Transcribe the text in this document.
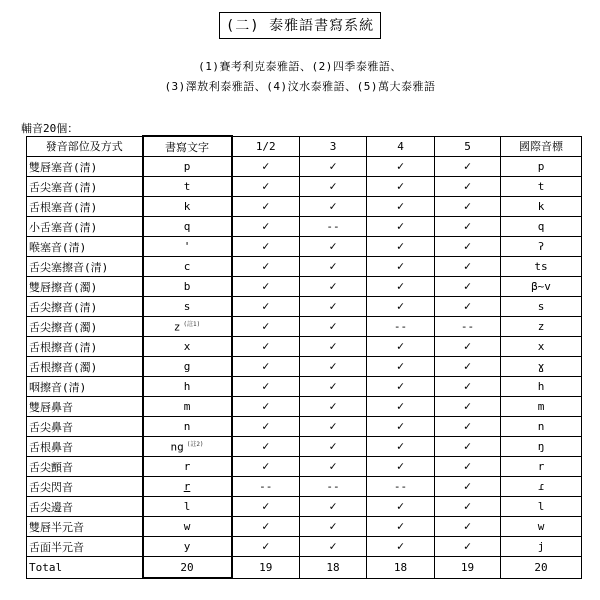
(二) 泰雅語書寫系統
(1)賽考利克泰雅語、(2)四季泰雅語、
(3)澤敖利泰雅語、(4)汶水泰雅語、(5)萬大泰雅語
輔音20個：
發音部位及方式	書寫文字	1/2	3	4	5	國際音標
雙唇塞音(清)	p	✓	✓	✓	✓	p
舌尖塞音(清)	t	✓	✓	✓	✓	t
舌根塞音(清)	k	✓	✓	✓	✓	k
小舌塞音(清)	q	✓	--	✓	✓	q
喉塞音(清)	'	✓	✓	✓	✓	ʔ
舌尖塞擦音(清)	c	✓	✓	✓	✓	ts
雙唇擦音(濁)	b	✓	✓	✓	✓	β~v
舌尖擦音(清)	s	✓	✓	✓	✓	s
舌尖擦音(濁)	z $^{(註1)}$	✓	✓	--	--	z
舌根擦音(清)	x	✓	✓	✓	✓	x
舌根擦音(濁)	g	✓	✓	✓	✓	ɣ
咽擦音(清)	h	✓	✓	✓	✓	h
雙唇鼻音	m	✓	✓	✓	✓	m
舌尖鼻音	n	✓	✓	✓	✓	n
舌根鼻音	ng $^{(註2)}$	✓	✓	✓	✓	ŋ
舌尖顫音	r	✓	✓	✓	✓	r
舌尖閃音	r	--	--	--	✓	ɾ
舌尖邊音	l	✓	✓	✓	✓	l
雙唇半元音	w	✓	✓	✓	✓	w
舌面半元音	y	✓	✓	✓	✓	j
Total	20	19	18	18	19	20
